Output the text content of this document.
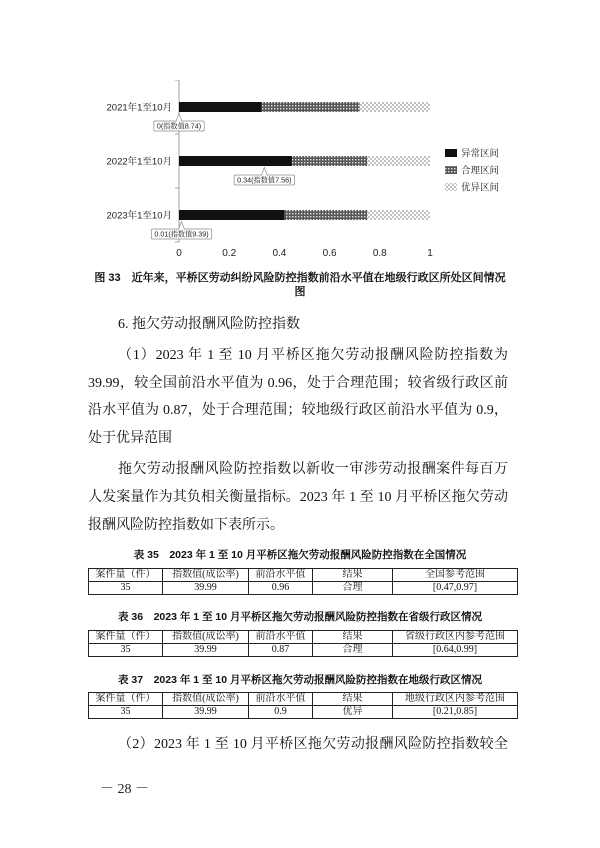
2021年1至10月
2022年1至10月
2023年1至10月
0	0.2	0.4	0.6	0.8	1
0(指数值8.74)
0.34(指数值7.56)
0.01(指数值9.39)
异常区间
合理区间
优异区间
图 33　近年来，平桥区劳动纠纷风险防控指数前沿水平值在地级行政区所处区间情况
图
6. 拖欠劳动报酬风险防控指数
（1）2023 年 1 至 10 月平桥区拖欠劳动报酬风险防控指数为
39.99，较全国前沿水平值为 0.96，处于合理范围；较省级行政区前
沿水平值为 0.87，处于合理范围；较地级行政区前沿水平值为 0.9，
处于优异范围
拖欠劳动报酬风险防控指数以新收一审涉劳动报酬案件每百万
人发案量作为其负相关衡量指标。2023 年 1 至 10 月平桥区拖欠劳动
报酬风险防控指数如下表所示。
表 35　2023 年 1 至 10 月平桥区拖欠劳动报酬风险防控指数在全国情况
案件量（件）	指数值(成讼率)	前沿水平值	结果	全国参考范围
35	39.99	0.96	合理	[0.47,0.97]
表 36　2023 年 1 至 10 月平桥区拖欠劳动报酬风险防控指数在省级行政区情况
案件量（件）	指数值(成讼率)	前沿水平值	结果	省级行政区内参考范围
35	39.99	0.87	合理	[0.64,0.99]
表 37　2023 年 1 至 10 月平桥区拖欠劳动报酬风险防控指数在地级行政区情况
案件量（件）	指数值(成讼率)	前沿水平值	结果	地级行政区内参考范围
35	39.99	0.9	优异	[0.21,0.85]
（2）2023 年 1 至 10 月平桥区拖欠劳动报酬风险防控指数较全
－ 28 －
